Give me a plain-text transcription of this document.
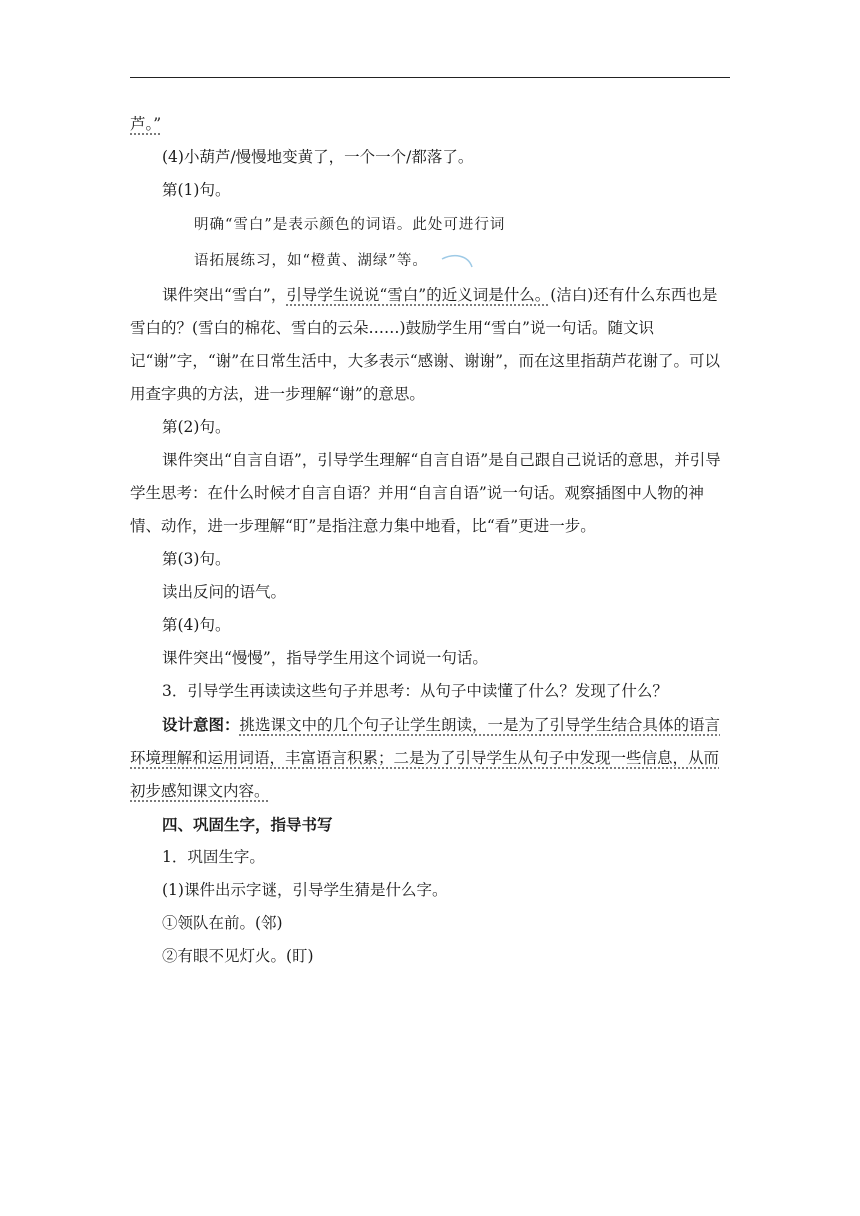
芦。”

(4)小葫芦/慢慢地变黄了，一个一个/都落了。

第(1)句。

明确“雪白”是表示颜色的词语。此处可进行词

语拓展练习，如“橙黄、湖绿”等。

课件突出“雪白”，引导学生说说“雪白”的近义词是什么。(洁白)还有什么东西也是雪白的？(雪白的棉花、雪白的云朵……)鼓励学生用“雪白”说一句话。随文识记“谢”字，“谢”在日常生活中，大多表示“感谢、谢谢”，而在这里指葫芦花谢了。可以用查字典的方法，进一步理解“谢”的意思。

第(2)句。

课件突出“自言自语”，引导学生理解“自言自语”是自己跟自己说话的意思，并引导学生思考：在什么时候才自言自语？并用“自言自语”说一句话。观察插图中人物的神情、动作，进一步理解“盯”是指注意力集中地看，比“看”更进一步。

第(3)句。

读出反问的语气。

第(4)句。

课件突出“慢慢”，指导学生用这个词说一句话。

3．引导学生再读读这些句子并思考：从句子中读懂了什么？发现了什么？

设计意图：挑选课文中的几个句子让学生朗读，一是为了引导学生结合具体的语言环境理解和运用词语，丰富语言积累；二是为了引导学生从句子中发现一些信息，从而初步感知课文内容。

四、巩固生字，指导书写

1．巩固生字。

(1)课件出示字谜，引导学生猜是什么字。

①领队在前。(邻)

②有眼不见灯火。(盯)
